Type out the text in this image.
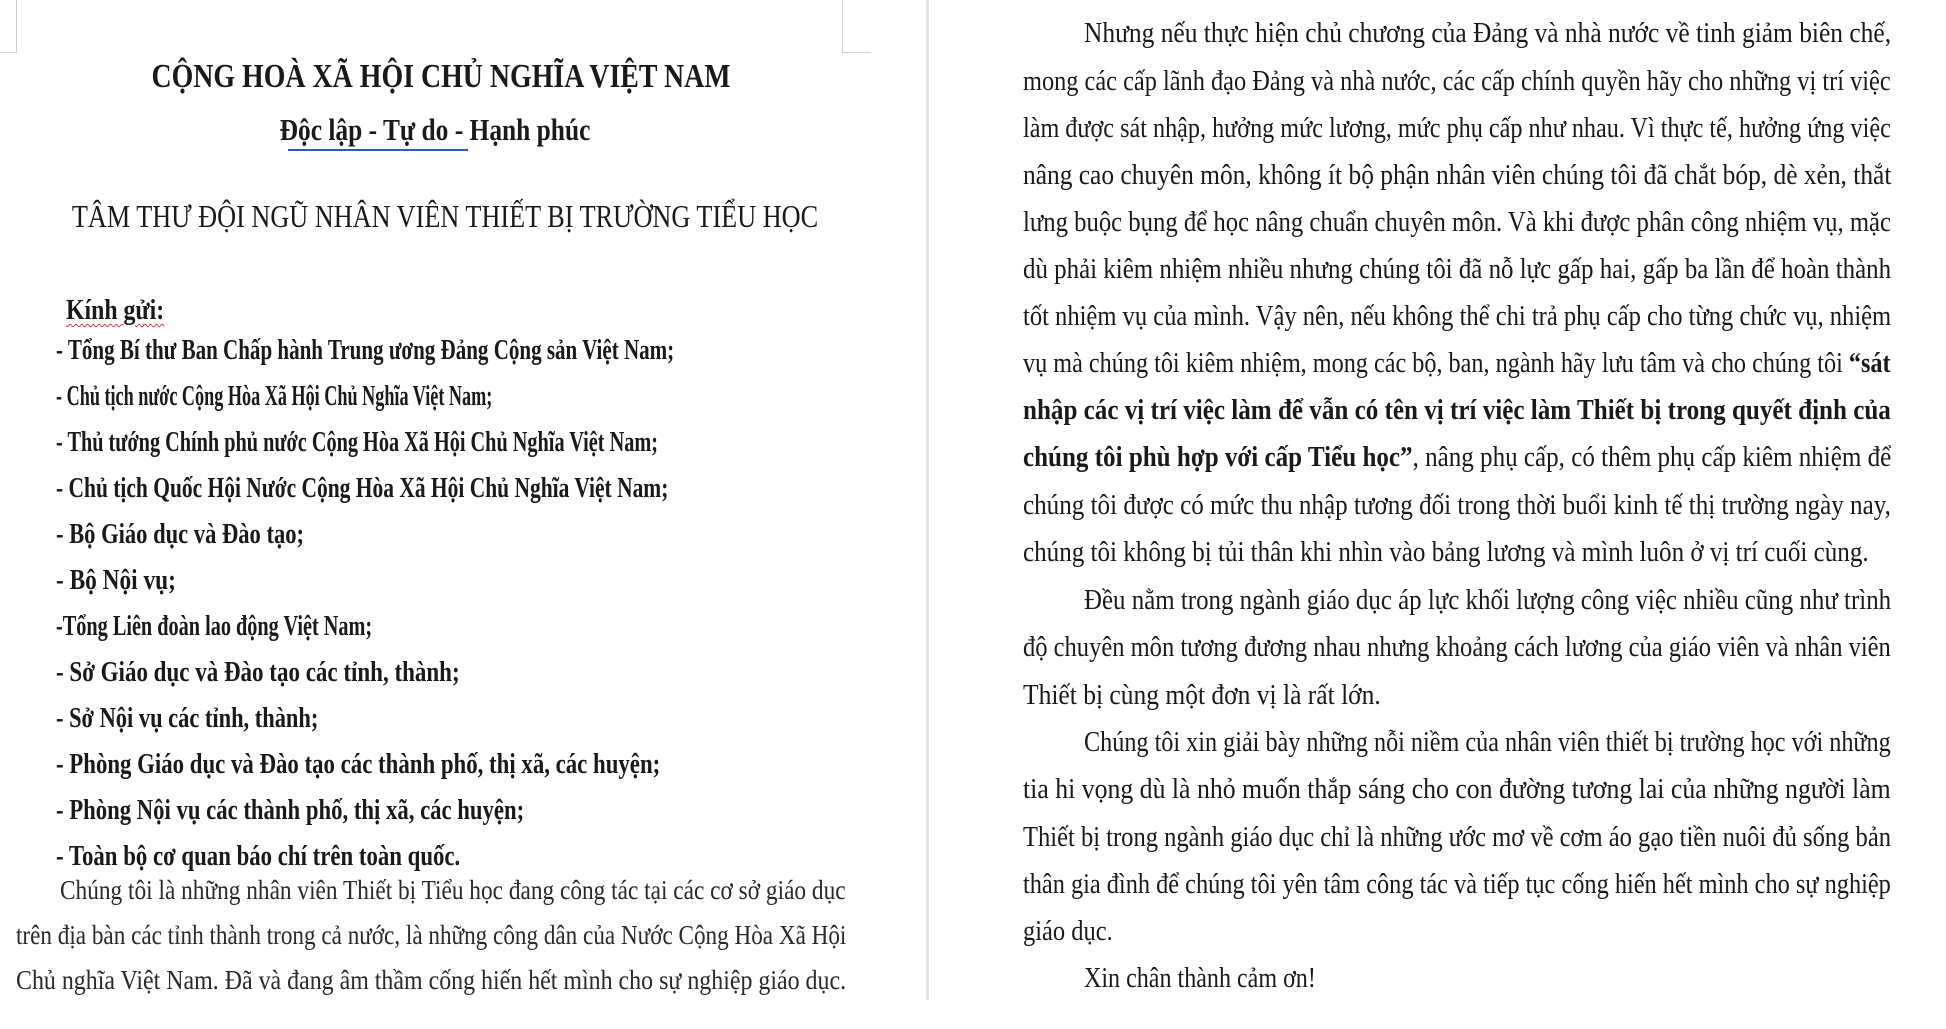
CỘNG HOÀ XÃ HỘI CHỦ NGHĨA VIỆT NAM
Độc lập - Tự do - Hạnh phúc
TÂM THƯ ĐỘI NGŨ NHÂN VIÊN THIẾT BỊ TRƯỜNG TIỂU HỌC
Kính gửi:
- Tổng Bí thư Ban Chấp hành Trung ương Đảng Cộng sản Việt Nam;
- Chủ tịch nước Cộng Hòa Xã Hội Chủ Nghĩa Việt Nam;
- Thủ tướng Chính phủ nước Cộng Hòa Xã Hội Chủ Nghĩa Việt Nam;
- Chủ tịch Quốc Hội Nước Cộng Hòa Xã Hội Chủ Nghĩa Việt Nam;
- Bộ Giáo dục và Đào tạo;
- Bộ Nội vụ;
-Tổng Liên đoàn lao động Việt Nam;
- Sở Giáo dục và Đào tạo các tỉnh, thành;
- Sở Nội vụ các tỉnh, thành;
- Phòng Giáo dục và Đào tạo các thành phố, thị xã, các huyện;
- Phòng Nội vụ các thành phố, thị xã, các huyện;
- Toàn bộ cơ quan báo chí trên toàn quốc.
Chúng tôi là những nhân viên Thiết bị Tiểu học đang công tác tại các cơ sở giáo dục
trên địa bàn các tỉnh thành trong cả nước, là những công dân của Nước Cộng Hòa Xã Hội
Chủ nghĩa Việt Nam. Đã và đang âm thầm cống hiến hết mình cho sự nghiệp giáo dục.
Nhưng nếu thực hiện chủ chương của Đảng và nhà nước về tinh giảm biên chế,
mong các cấp lãnh đạo Đảng và nhà nước, các cấp chính quyền hãy cho những vị trí việc
làm được sát nhập, hưởng mức lương, mức phụ cấp như nhau. Vì thực tế, hưởng ứng việc
nâng cao chuyên môn, không ít bộ phận nhân viên chúng tôi đã chắt bóp, dè xẻn, thắt
lưng buộc bụng để học nâng chuẩn chuyên môn. Và khi được phân công nhiệm vụ, mặc
dù phải kiêm nhiệm nhiều nhưng chúng tôi đã nỗ lực gấp hai, gấp ba lần để hoàn thành
tốt nhiệm vụ của mình. Vậy nên, nếu không thể chi trả phụ cấp cho từng chức vụ, nhiệm
vụ mà chúng tôi kiêm nhiệm, mong các bộ, ban, ngành hãy lưu tâm và cho chúng tôi “sát
nhập các vị trí việc làm để vẫn có tên vị trí việc làm Thiết bị trong quyết định của
chúng tôi phù hợp với cấp Tiểu học”, nâng phụ cấp, có thêm phụ cấp kiêm nhiệm để
chúng tôi được có mức thu nhập tương đối trong thời buổi kinh tế thị trường ngày nay,
chúng tôi không bị tủi thân khi nhìn vào bảng lương và mình luôn ở vị trí cuối cùng.
Đều nằm trong ngành giáo dục áp lực khối lượng công việc nhiều cũng như trình
độ chuyên môn tương đương nhau nhưng khoảng cách lương của giáo viên và nhân viên
Thiết bị cùng một đơn vị là rất lớn.
Chúng tôi xin giải bày những nỗi niềm của nhân viên thiết bị trường học với những
tia hi vọng dù là nhỏ muốn thắp sáng cho con đường tương lai của những người làm
Thiết bị trong ngành giáo dục chỉ là những ước mơ về cơm áo gạo tiền nuôi đủ sống bản
thân gia đình để chúng tôi yên tâm công tác và tiếp tục cống hiến hết mình cho sự nghiệp
giáo dục.
Xin chân thành cảm ơn!
